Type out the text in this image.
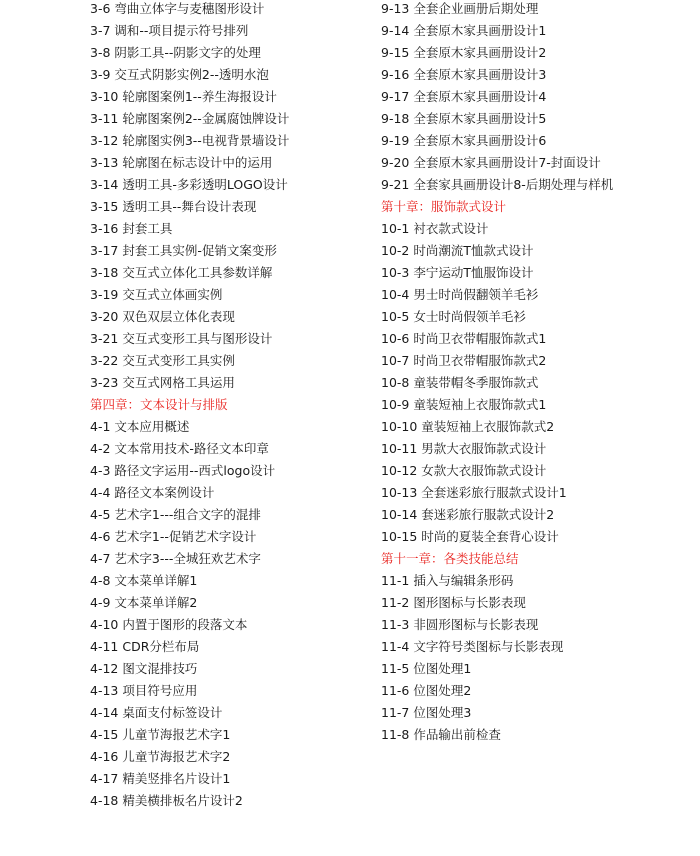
3-6 弯曲立体字与麦穗图形设计
3-7 调和--项目提示符号排列
3-8 阴影工具--阴影文字的处理
3-9 交互式阴影实例2--透明水泡
3-10 轮廓图案例1--养生海报设计
3-11 轮廓图案例2--金属腐蚀牌设计
3-12 轮廓图实例3--电视背景墙设计
3-13 轮廓图在标志设计中的运用
3-14 透明工具-多彩透明LOGO设计
3-15 透明工具--舞台设计表现
3-16 封套工具
3-17 封套工具实例-促销文案变形
3-18 交互式立体化工具参数详解
3-19 交互式立体画实例
3-20 双色双层立体化表现
3-21 交互式变形工具与图形设计
3-22 交互式变形工具实例
3-23 交互式网格工具运用
第四章：文本设计与排版
4-1 文本应用概述
4-2 文本常用技术-路径文本印章
4-3 路径文字运用--西式logo设计
4-4 路径文本案例设计
4-5 艺术字1---组合文字的混排
4-6 艺术字1--促销艺术字设计
4-7 艺术字3---全城狂欢艺术字
4-8 文本菜单详解1
4-9 文本菜单详解2
4-10 内置于图形的段落文本
4-11 CDR分栏布局
4-12 图文混排技巧
4-13 项目符号应用
4-14 桌面支付标签设计
4-15 儿童节海报艺术字1
4-16 儿童节海报艺术字2
4-17 精美竖排名片设计1
4-18 精美横排板名片设计2
9-13 全套企业画册后期处理
9-14 全套原木家具画册设计1
9-15 全套原木家具画册设计2
9-16 全套原木家具画册设计3
9-17 全套原木家具画册设计4
9-18 全套原木家具画册设计5
9-19 全套原木家具画册设计6
9-20 全套原木家具画册设计7-封面设计
9-21 全套家具画册设计8-后期处理与样机
第十章：服饰款式设计
10-1 衬衣款式设计
10-2 时尚潮流T恤款式设计
10-3 李宁运动T恤服饰设计
10-4 男士时尚假翻领羊毛衫
10-5 女士时尚假领羊毛衫
10-6 时尚卫衣带帽服饰款式1
10-7 时尚卫衣带帽服饰款式2
10-8 童装带帽冬季服饰款式
10-9 童装短袖上衣服饰款式1
10-10 童装短袖上衣服饰款式2
10-11 男款大衣服饰款式设计
10-12 女款大衣服饰款式设计
10-13 全套迷彩旅行服款式设计1
10-14 套迷彩旅行服款式设计2
10-15 时尚的夏装全套背心设计
第十一章：各类技能总结
11-1 插入与编辑条形码
11-2 图形图标与长影表现
11-3 非圆形图标与长影表现
11-4 文字符号类图标与长影表现
11-5 位图处理1
11-6 位图处理2
11-7 位图处理3
11-8 作品输出前检查
